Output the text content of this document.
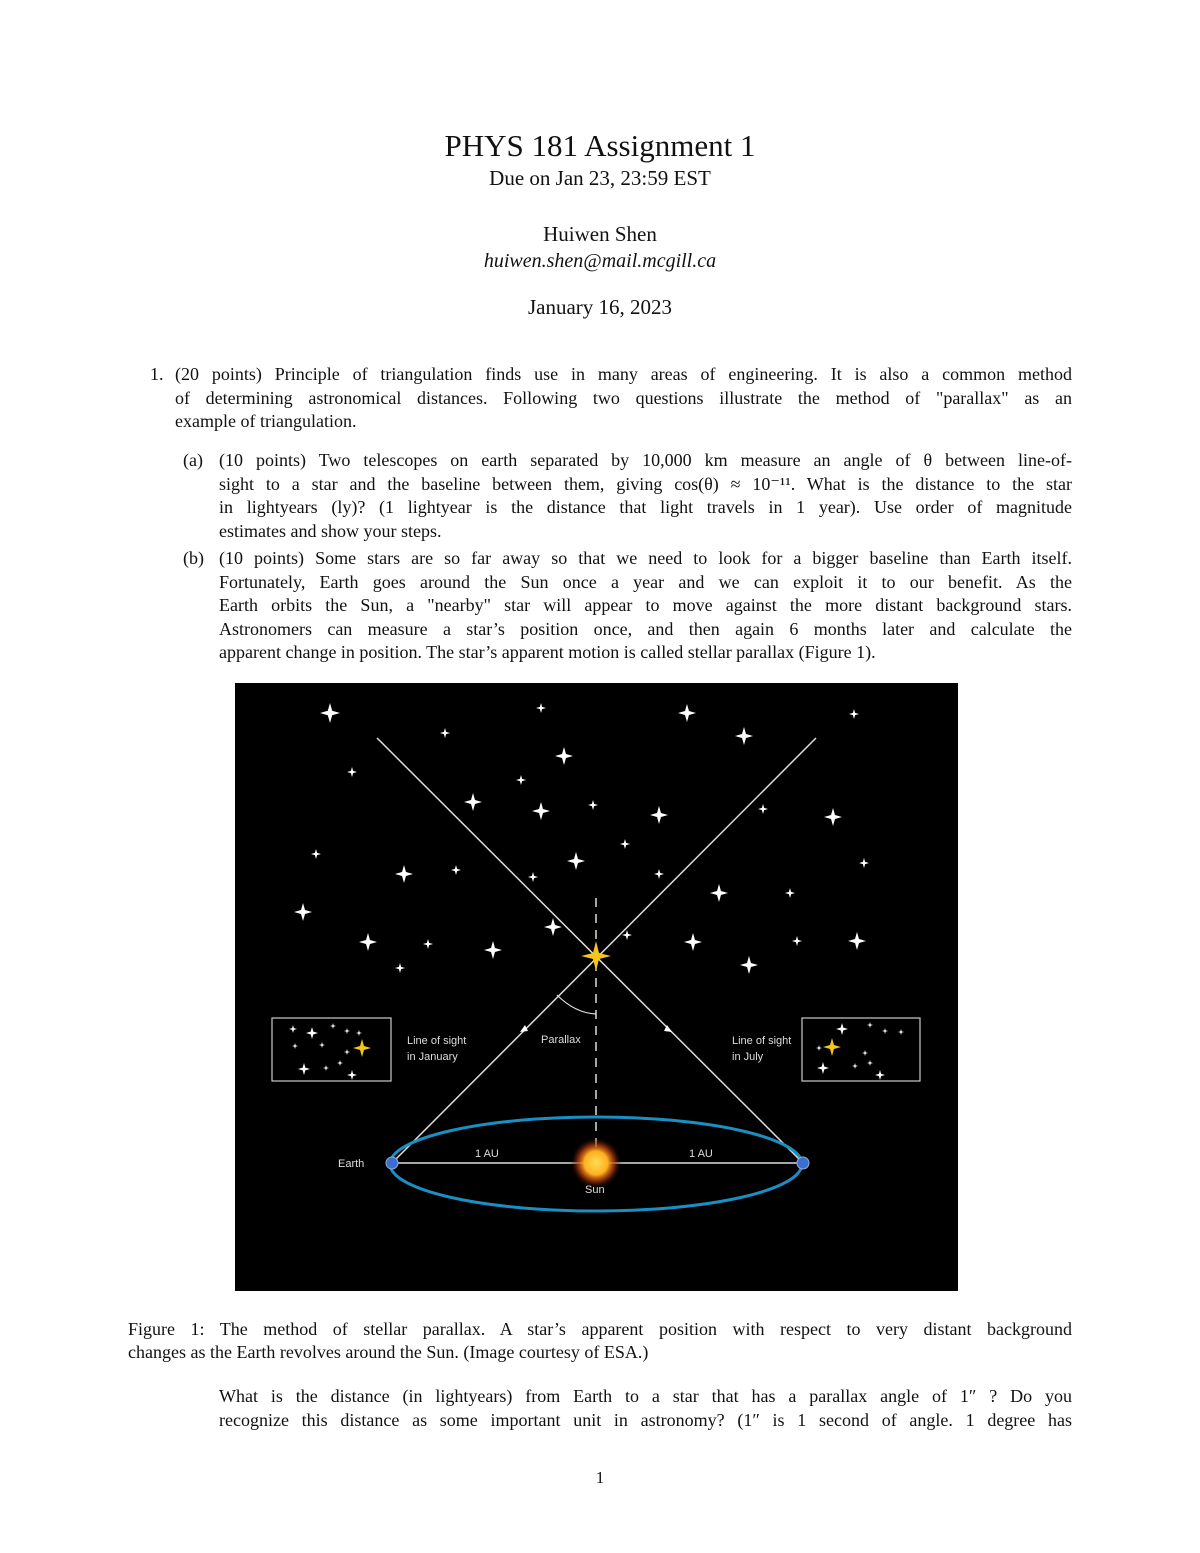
PHYS 181 Assignment 1
Due on Jan 23, 23:59 EST
Huiwen Shen
huiwen.shen@mail.mcgill.ca
January 16, 2023
1. (20 points) Principle of triangulation finds use in many areas of engineering. It is also a common method
of determining astronomical distances. Following two questions illustrate the method of "parallax" as an
example of triangulation.
(a) (10 points) Two telescopes on earth separated by 10,000 km measure an angle of θ between line-of-
sight to a star and the baseline between them, giving cos(θ) ≈ 10⁻¹¹. What is the distance to the star
in lightyears (ly)? (1 lightyear is the distance that light travels in 1 year). Use order of magnitude
estimates and show your steps.
(b) (10 points) Some stars are so far away so that we need to look for a bigger baseline than Earth itself.
Fortunately, Earth goes around the Sun once a year and we can exploit it to our benefit. As the
Earth orbits the Sun, a "nearby" star will appear to move against the more distant background stars.
Astronomers can measure a star’s position once, and then again 6 months later and calculate the
apparent change in position. The star’s apparent motion is called stellar parallax (Figure 1).
Line of sight
in January
Line of sight
in July
Parallax
Earth
1 AU	1 AU
Sun
Figure 1: The method of stellar parallax. A star’s apparent position with respect to very distant background
changes as the Earth revolves around the Sun. (Image courtesy of ESA.)
What is the distance (in lightyears) from Earth to a star that has a parallax angle of 1″ ? Do you
recognize this distance as some important unit in astronomy? (1″ is 1 second of angle. 1 degree has
1
